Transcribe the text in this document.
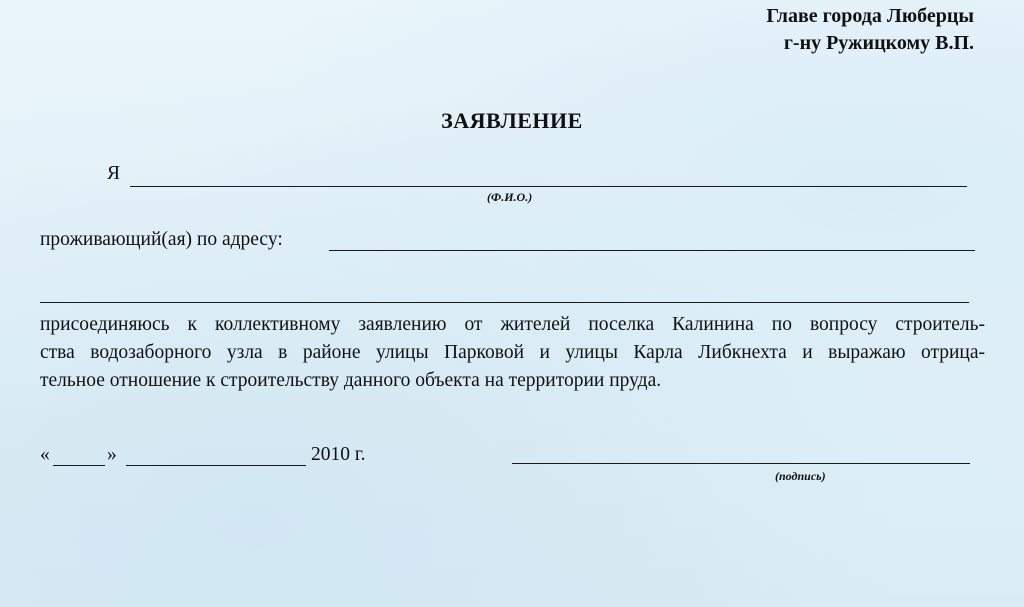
Главе города Люберцы
г-ну Ружицкому В.П.
ЗАЯВЛЕНИЕ
Я
(Ф.И.О.)
проживающий(ая) по адресу:
присоединяюсь к коллективному заявлению от жителей поселка Калинина по вопросу строитель-
ства водозаборного узла в районе улицы Парковой и улицы Карла Либкнехта и выражаю отрица-
тельное отношение к строительству данного объекта на территории пруда.
«	»	2010 г.
(подпись)
